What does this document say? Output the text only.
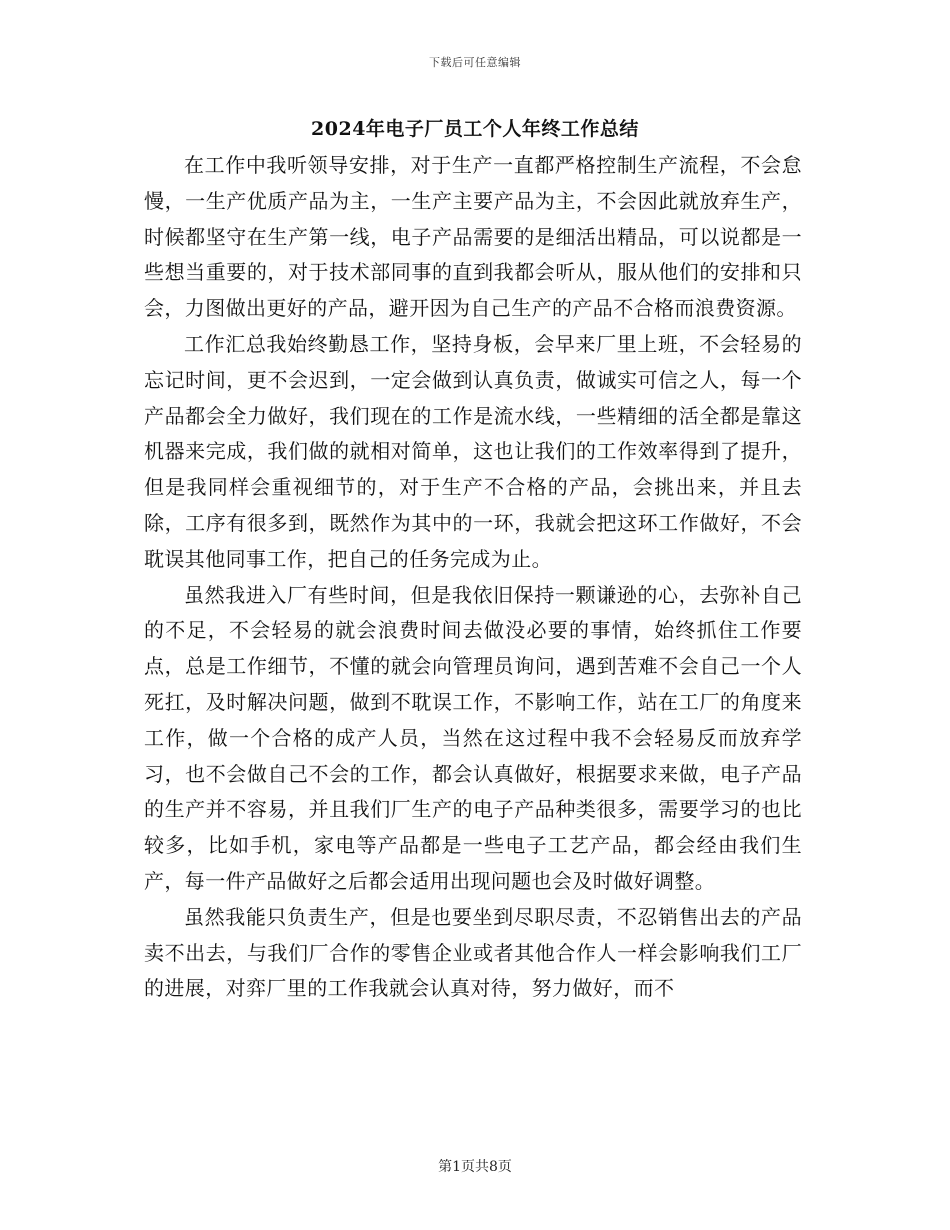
下载后可任意编辑
2024年电子厂员工个人年终工作总结

在工作中我听领导安排，对于生产一直都严格控制生产流程，不会怠慢，一生产优质产品为主，一生产主要产品为主，不会因此就放弃生产，时候都坚守在生产第一线，电子产品需要的是细活出精品，可以说都是一些想当重要的，对于技术部同事的直到我都会听从，服从他们的安排和只会，力图做出更好的产品，避开因为自己生产的产品不合格而浪费资源。

工作汇总我始终勤恳工作，坚持身板，会早来厂里上班，不会轻易的忘记时间，更不会迟到，一定会做到认真负责，做诚实可信之人，每一个产品都会全力做好，我们现在的工作是流水线，一些精细的活全都是靠这机器来完成，我们做的就相对简单，这也让我们的工作效率得到了提升，但是我同样会重视细节的，对于生产不合格的产品，会挑出来，并且去除，工序有很多到，既然作为其中的一环，我就会把这环工作做好，不会耽误其他同事工作，把自己的任务完成为止。

虽然我进入厂有些时间，但是我依旧保持一颗谦逊的心，去弥补自己的不足，不会轻易的就会浪费时间去做没必要的事情，始终抓住工作要点，总是工作细节，不懂的就会向管理员询问，遇到苦难不会自己一个人死扛，及时解决问题，做到不耽误工作，不影响工作，站在工厂的角度来工作，做一个合格的成产人员，当然在这过程中我不会轻易反而放弃学习，也不会做自己不会的工作，都会认真做好，根据要求来做，电子产品的生产并不容易，并且我们厂生产的电子产品种类很多，需要学习的也比较多，比如手机，家电等产品都是一些电子工艺产品，都会经由我们生产，每一件产品做好之后都会适用出现问题也会及时做好调整。

虽然我能只负责生产，但是也要坐到尽职尽责，不忍销售出去的产品卖不出去，与我们厂合作的零售企业或者其他合作人一样会影响我们工厂的进展，对弈厂里的工作我就会认真对待，努力做好，而不

第1页共8页
